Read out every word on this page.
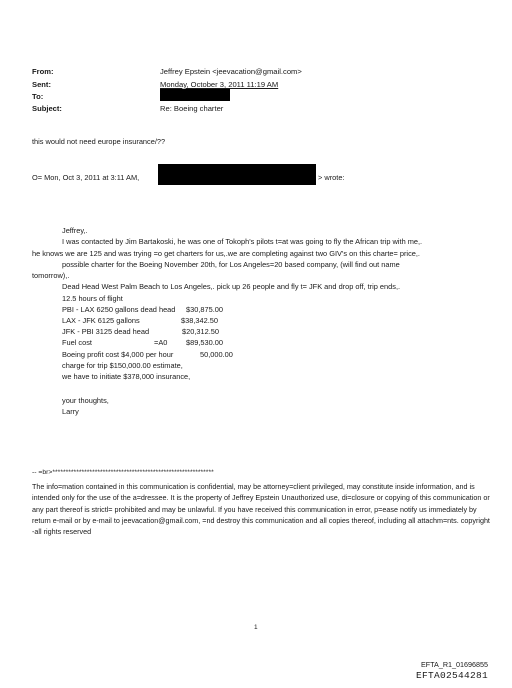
From:	Jeffrey Epstein <jeevacation@gmail.com>
Sent:	Monday, October 3, 2011 11:19 AM
To:
Subject:	Re: Boeing charter
this would not need europe insurance/??
O= Mon, Oct 3, 2011 at 3:11 AM,	> wrote:
Jeffrey,.
I was contacted by Jim Bartakoski, he was one of Tokoph's pilots t=at was going to fly the African trip with me,.
he knows we are 125 and was trying =o get charters for us,.we are completing against two GIV's on this charte= price,.
possible charter for the Boeing November 20th, for Los Angeles=20 based company, (will find out name
tomorrow),.
Dead Head West Palm Beach to Los Angeles,. pick up 26 people and fly t= JFK and drop off, trip ends,.
12.5 hours of flight
PBI - LAX 6250 gallons dead head $30,875.00
LAX - JFK 6125 gallons	$38,342.50
JFK - PBI 3125 dead head	$20,312.50
Fuel cost	=A0	$89,530.00
Boeing profit cost $4,000 per hour	50,000.00
charge for trip $150,000.00 estimate,
we have to initiate $378,000 insurance,
your thoughts,
Larry
-- =br>*************************************************************
The info=mation contained in this communication is confidential, may be attorney=client privileged, may constitute inside information, and is intended only for the use of the a=dressee. It is the property of Jeffrey Epstein Unauthorized use, di=closure or copying of this communication or any part thereof is strictl= prohibited and may be unlawful. If you have received this communication in error, p=ease notify us immediately by return e-mail or by e-mail to jeevacation@gmail.com, =nd destroy this communication and all copies thereof, including all attachm=nts. copyright -all rights reserved
1
EFTA_R1_01696855
EFTA02544281
